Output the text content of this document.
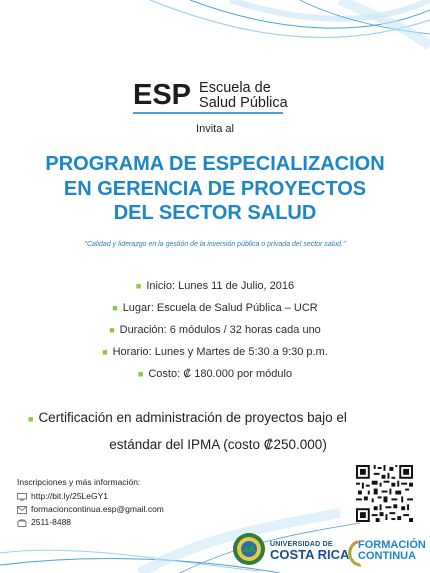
ESP Escuela de
Salud Pública
Invita al
PROGRAMA DE ESPECIALIZACION
EN GERENCIA DE PROYECTOS
DEL SECTOR SALUD
"Calidad y liderazgo en la gestión de la inversión pública o privada del sector salud."
■ Inicio: Lunes 11 de Julio, 2016
■ Lugar: Escuela de Salud Pública – UCR
■ Duración: 6 módulos / 32 horas cada uno
■ Horario: Lunes y Martes de 5:30 a 9:30 p.m.
■ Costo: ₡ 180.000 por módulo
■ Certificación en administración de proyectos bajo el
estándar del IPMA (costo ₡250.000)
Inscripciones y más información:
http://bit.ly/25LeGY1
formacioncontinua.esp@gmail.com
2511-8488
UNIVERSIDAD DE
COSTA RICA
FORMACIÓN
CONTINUA
